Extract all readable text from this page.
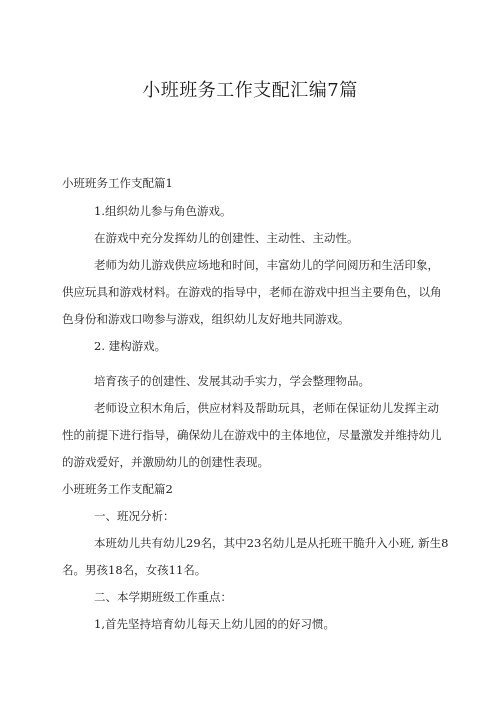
小班班务工作支配汇编7篇
小班班务工作支配篇1
1.组织幼儿参与角色游戏。
在游戏中充分发挥幼儿的创建性、主动性、主动性。
老师为幼儿游戏供应场地和时间，丰富幼儿的学问阅历和生活印象，
供应玩具和游戏材料。在游戏的指导中，老师在游戏中担当主要角色，以角
色身份和游戏口吻参与游戏，组织幼儿友好地共同游戏。
2. 建构游戏。
培育孩子的创建性、发展其动手实力，学会整理物品。
老师设立积木角后，供应材料及帮助玩具，老师在保证幼儿发挥主动
性的前提下进行指导，确保幼儿在游戏中的主体地位，尽量激发并维持幼儿
的游戏爱好，并激励幼儿的创建性表现。
小班班务工作支配篇2
一、班况分析：
本班幼儿共有幼儿29名，其中23名幼儿是从托班干脆升入小班, 新生8
名。男孩18名，女孩11名。
二、本学期班级工作重点：
1,首先坚持培育幼儿每天上幼儿园的的好习惯。
